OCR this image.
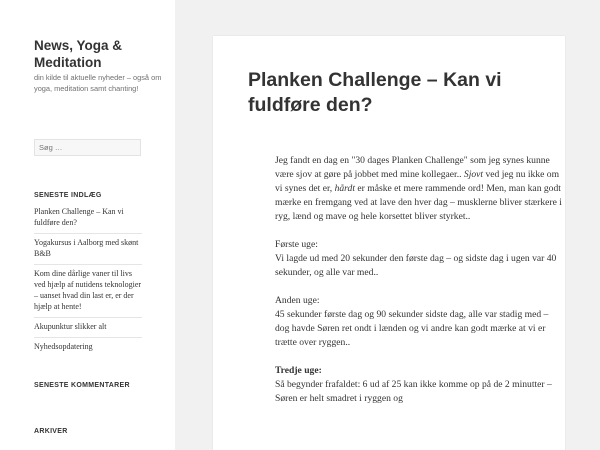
News, Yoga & Meditation
din kilde til aktuelle nyheder – også om yoga, meditation samt chanting!
Søg …
SENESTE INDLÆG
Planken Challenge – Kan vi fuldføre den?
Yogakursus i Aalborg med skønt B&B
Kom dine dårlige vaner til livs ved hjælp af nutidens teknologier – uanset hvad din last er, er der hjælp at hente!
Akupunktur slikker alt
Nyhedsopdatering
SENESTE KOMMENTARER
ARKIVER
Planken Challenge – Kan vi fuldføre den?

Jeg fandt en dag en "30 dages Planken Challenge" som jeg synes kunne være sjov at gøre på jobbet med mine kollegaer.. Sjovt ved jeg nu ikke om vi synes det er, hårdt er måske et mere rammende ord! Men, man kan godt mærke en fremgang ved at lave den hver dag – musklerne bliver stærkere i ryg, lænd og mave og hele korsettet bliver styrket..

Første uge:
Vi lagde ud med 20 sekunder den første dag – og sidste dag i ugen var 40 sekunder, og alle var med..

Anden uge:
45 sekunder første dag og 90 sekunder sidste dag, alle var stadig med – dog havde Søren ret ondt i lænden og vi andre kan godt mærke at vi er trætte over ryggen..

Tredje uge:
Så begynder frafaldet: 6 ud af 25 kan ikke komme op på de 2 minutter – Søren er helt smadret i ryggen og
